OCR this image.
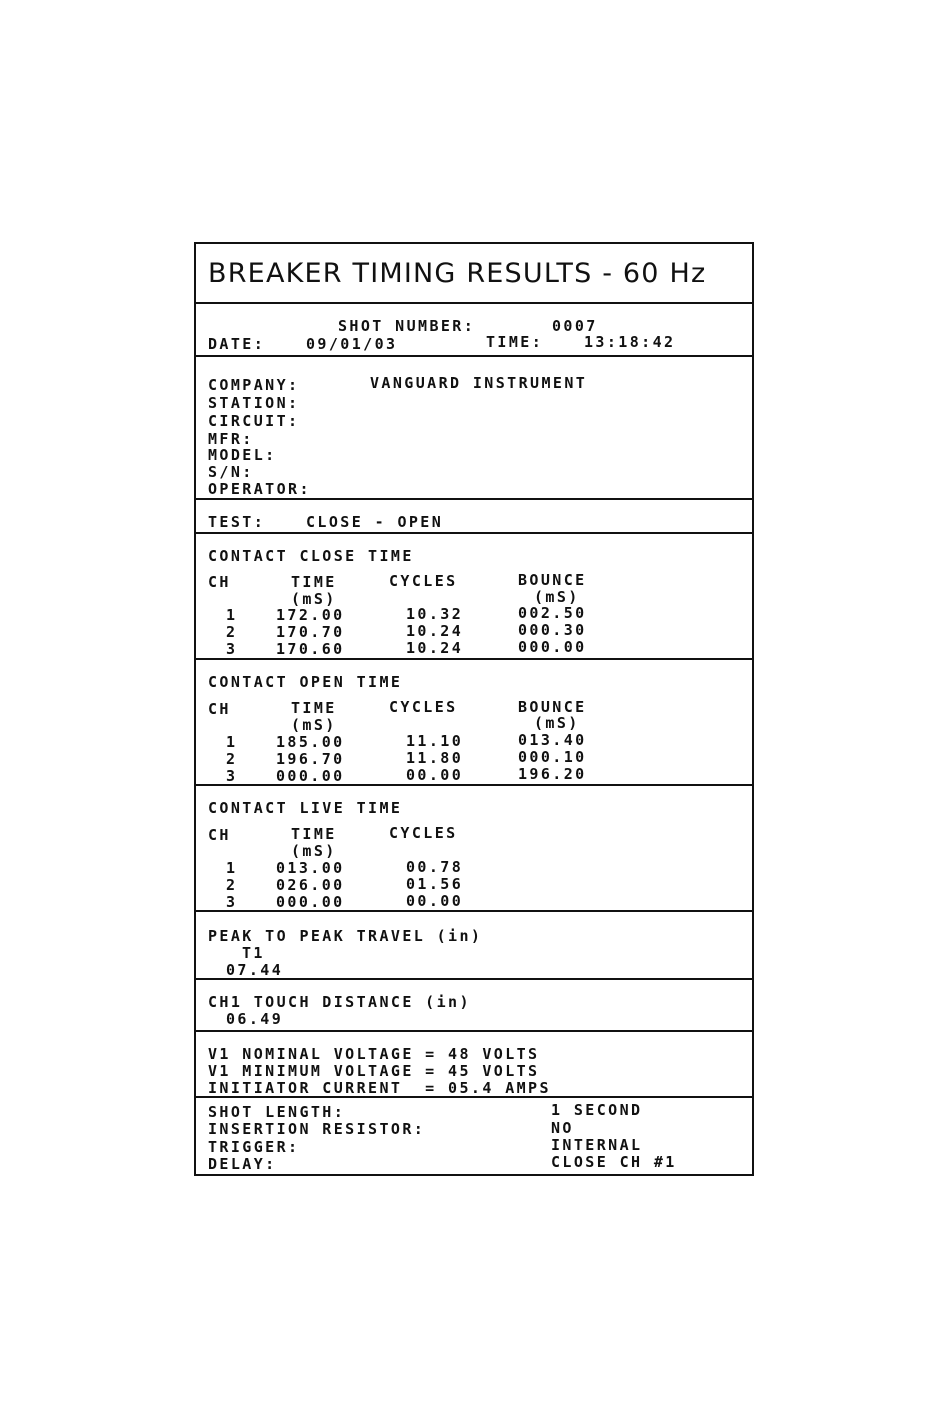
BREAKER TIMING RESULTS - 60 Hz
SHOT NUMBER:	0007
DATE:	09/01/03	TIME:	13:18:42
COMPANY:	VANGUARD INSTRUMENT
STATION:
CIRCUIT:
MFR:
MODEL:
S/N:
OPERATOR:
TEST:	CLOSE - OPEN
CONTACT CLOSE TIME
CH	TIME	CYCLES	BOUNCE
(mS)	(mS)
1	172.00	10.32	002.50
2	170.70	10.24	000.30
3	170.60	10.24	000.00
CONTACT OPEN TIME
CH	TIME	CYCLES	BOUNCE
(mS)	(mS)
1	185.00	11.10	013.40
2	196.70	11.80	000.10
3	000.00	00.00	196.20
CONTACT LIVE TIME
CH	TIME	CYCLES
(mS)
1	013.00	00.78
2	026.00	01.56
3	000.00	00.00
PEAK TO PEAK TRAVEL (in)
T1
07.44
CH1 TOUCH DISTANCE (in)
06.49
V1 NOMINAL VOLTAGE = 48 VOLTS
V1 MINIMUM VOLTAGE = 45 VOLTS
INITIATOR CURRENT  = 05.4 AMPS
SHOT LENGTH:	1 SECOND
INSERTION RESISTOR:	NO
TRIGGER:	INTERNAL
DELAY:	CLOSE CH #1
